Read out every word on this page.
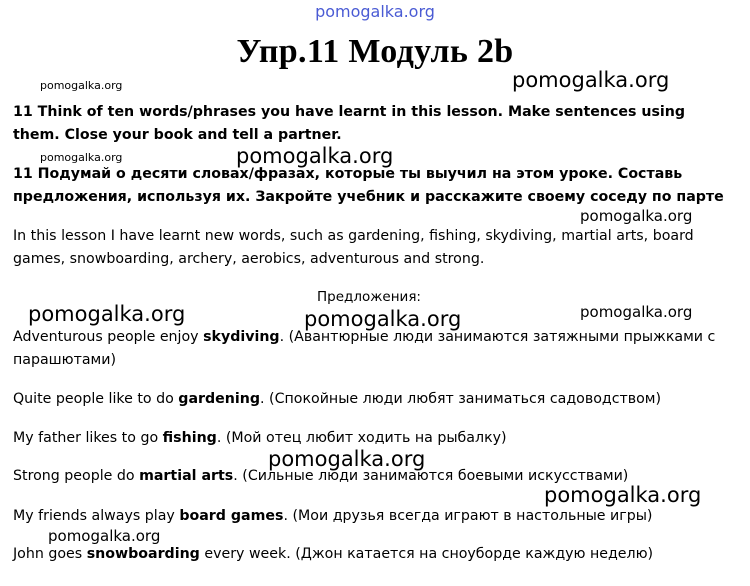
pomogalka.org
Упр.11 Модуль 2b
pomogalka.org	pomogalka.org
pomogalka.org	pomogalka.org
pomogalka.org
pomogalka.org	pomogalka.org	pomogalka.org
pomogalka.org
pomogalka.org
pomogalka.org
11 Think of ten words/phrases you have learnt in this lesson. Make sentences using them. Close your book and tell a partner.
11 Подумай о десяти словах/фразах, которые ты выучил на этом уроке. Составь предложения, используя их. Закройте учебник и расскажите своему соседу по парте
In this lesson I have learnt new words, such as gardening, fishing, skydiving, martial arts, board games, snowboarding, archery, aerobics, adventurous and strong.
Предложения:
Adventurous people enjoy skydiving. (Авантюрные люди занимаются затяжными прыжками с
парашютами)
Quite people like to do gardening. (Спокойные люди любят заниматься садоводством)
My father likes to go fishing. (Мой отец любит ходить на рыбалку)
Strong people do martial arts. (Сильные люди занимаются боевыми искусствами)
My friends always play board games. (Мои друзья всегда играют в настольные игры)
John goes snowboarding every week. (Джон катается на сноуборде каждую неделю)
